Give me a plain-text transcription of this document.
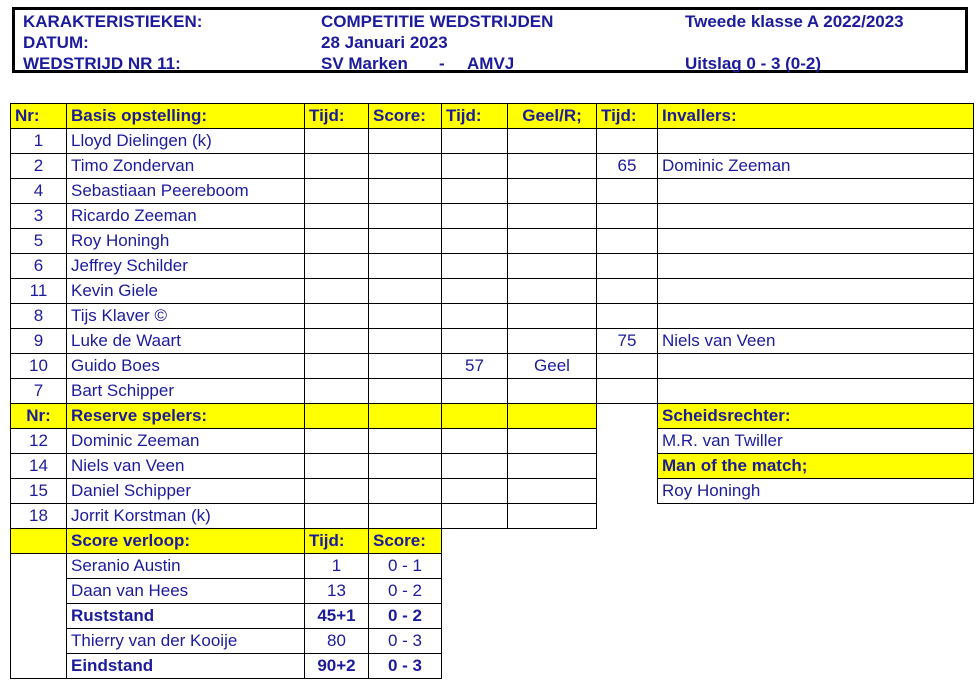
KARAKTERISTIEKEN:	COMPETITIE WEDSTRIJDEN	Tweede klasse A 2022/2023
DATUM:	28 Januari 2023
WEDSTRIJD NR 11:	SV Marken - AMVJ	Uitslag 0 - 3 (0-2)
Nr:	Basis opstelling:	Tijd:	Score:	Tijd:	Geel/R;	Tijd:	Invallers:
1	Lloyd Dielingen (k)						
2	Timo Zondervan					65	Dominic Zeeman
4	Sebastiaan Peereboom						
3	Ricardo Zeeman						
5	Roy Honingh						
6	Jeffrey Schilder						
11	Kevin Giele						
8	Tijs Klaver ©						
9	Luke de Waart					75	Niels van Veen
10	Guido Boes			57	Geel		
7	Bart Schipper						
Nr:	Reserve spelers:						Scheidsrechter:
12	Dominic Zeeman						M.R. van Twiller
14	Niels van Veen						Man of the match;
15	Daniel Schipper						Roy Honingh
18	Jorrit Korstman (k)						
	Score verloop:	Tijd:	Score:				
	Seranio Austin	1	0 - 1				
	Daan van Hees	13	0 - 2				
	Ruststand	45+1	0 - 2				
	Thierry van der Kooije	80	0 - 3				
	Eindstand	90+2	0 - 3				
